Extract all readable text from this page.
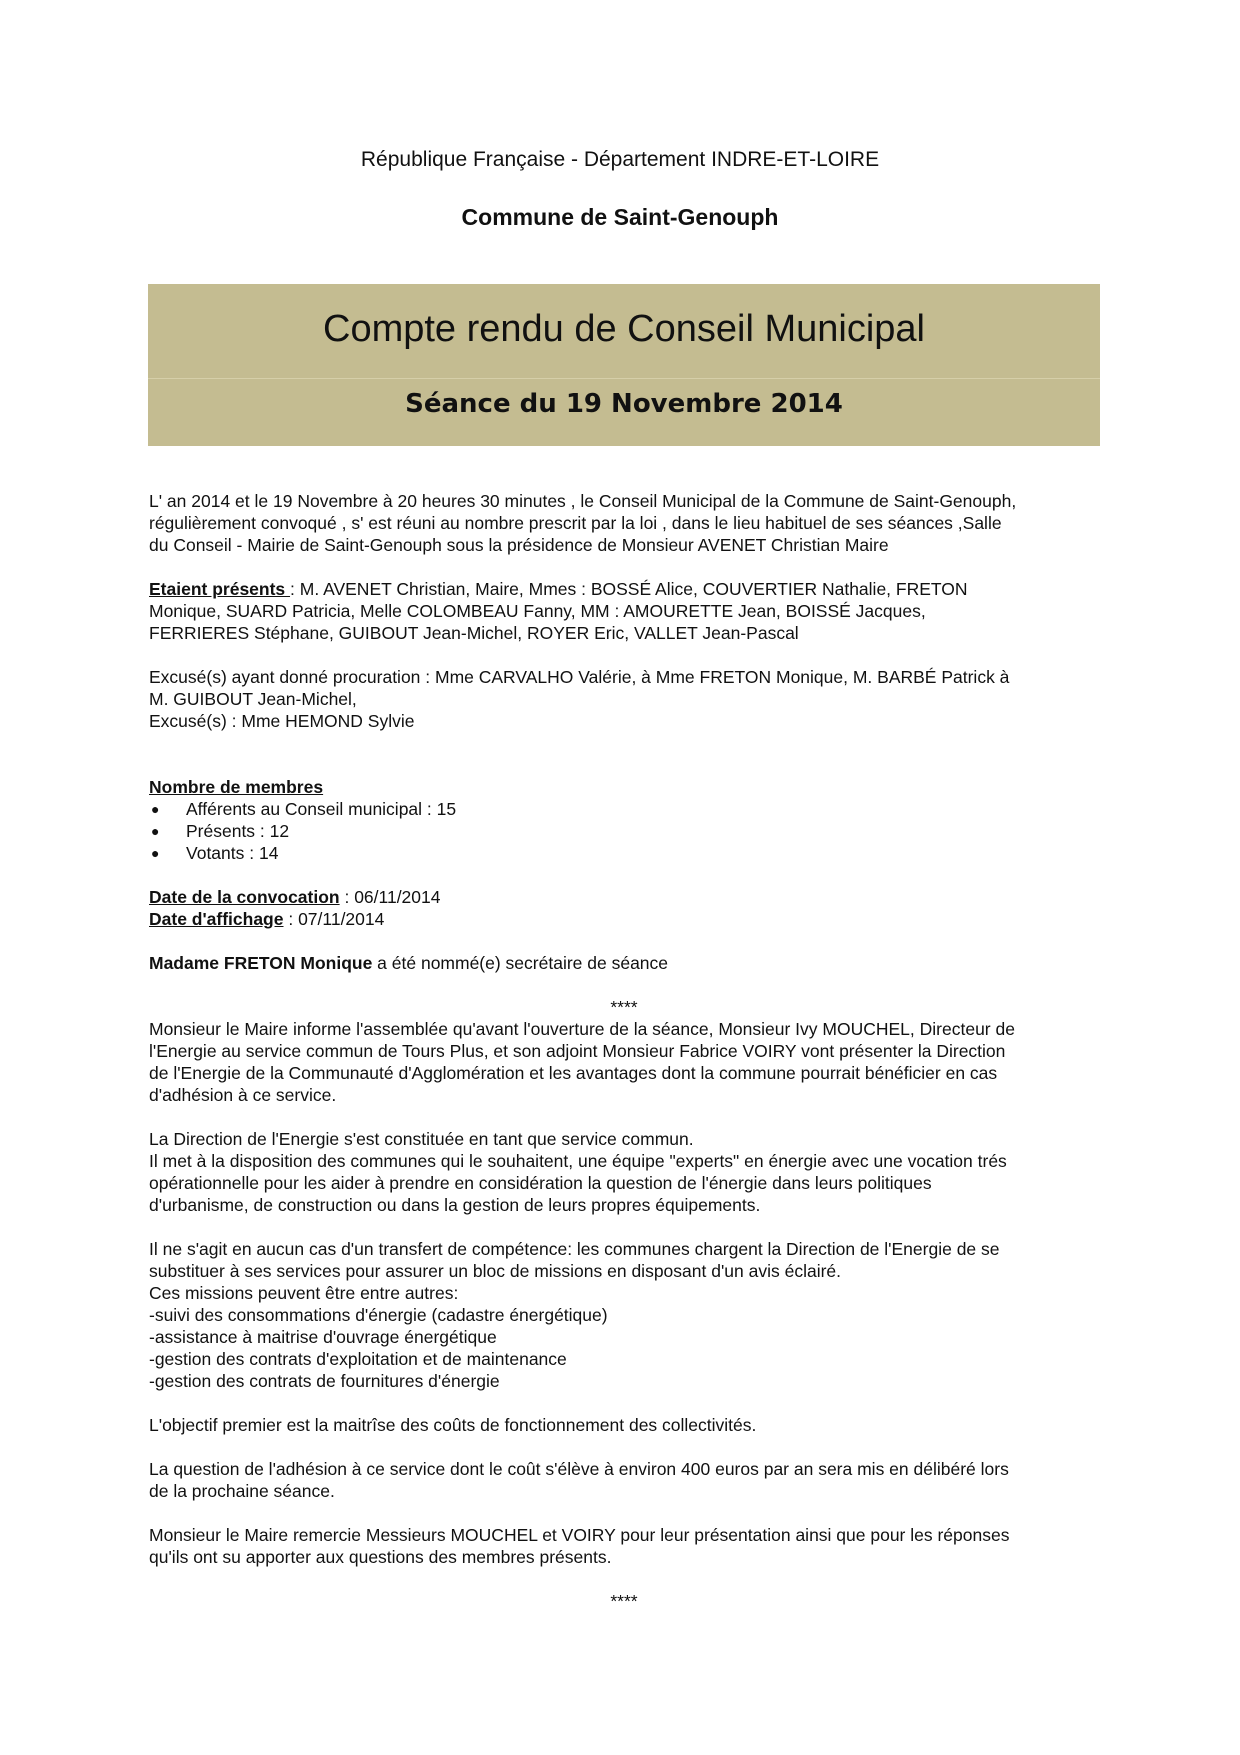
République Française - Département INDRE-ET-LOIRE
Commune de Saint-Genouph
Compte rendu de Conseil Municipal
Séance du 19 Novembre 2014

L' an 2014 et le 19 Novembre à 20 heures 30 minutes , le Conseil Municipal de la Commune de Saint-Genouph,

régulièrement convoqué , s' est réuni au nombre prescrit par la loi , dans le lieu habituel de ses séances ,Salle

du Conseil - Mairie de Saint-Genouph sous la présidence de Monsieur AVENET Christian Maire

Etaient présents : M. AVENET Christian, Maire, Mmes : BOSSÉ Alice, COUVERTIER Nathalie, FRETON

Monique, SUARD Patricia, Melle COLOMBEAU Fanny, MM : AMOURETTE Jean, BOISSÉ Jacques,

FERRIERES Stéphane, GUIBOUT Jean-Michel, ROYER Eric, VALLET Jean-Pascal

Excusé(s) ayant donné procuration : Mme CARVALHO Valérie, à Mme FRETON Monique, M. BARBÉ Patrick à

M. GUIBOUT Jean-Michel,

Excusé(s) : Mme HEMOND Sylvie

Nombre de membres

● Afférents au Conseil municipal : 15
● Présents : 12
● Votants : 14

Date de la convocation : 06/11/2014

Date d'affichage : 07/11/2014

Madame FRETON Monique a été nommé(e) secrétaire de séance

****

Monsieur le Maire informe l'assemblée qu'avant l'ouverture de la séance, Monsieur Ivy MOUCHEL, Directeur de

l'Energie au service commun de Tours Plus, et son adjoint Monsieur Fabrice VOIRY vont présenter la Direction

de l'Energie de la Communauté d'Agglomération et les avantages dont la commune pourrait bénéficier en cas

d'adhésion à ce service.

La Direction de l'Energie s'est constituée en tant que service commun.

Il met à la disposition des communes qui le souhaitent, une équipe "experts" en énergie avec une vocation trés

opérationnelle pour les aider à prendre en considération la question de l'énergie dans leurs politiques

d'urbanisme, de construction ou dans la gestion de leurs propres équipements.

Il ne s'agit en aucun cas d'un transfert de compétence: les communes chargent la Direction de l'Energie de se

substituer à ses services pour assurer un bloc de missions en disposant d'un avis éclairé.

Ces missions peuvent être entre autres:

-suivi des consommations d'énergie (cadastre énergétique)

-assistance à maitrise d'ouvrage énergétique

-gestion des contrats d'exploitation et de maintenance

-gestion des contrats de fournitures d'énergie

L'objectif premier est la maitrîse des coûts de fonctionnement des collectivités.

La question de l'adhésion à ce service dont le coût s'élève à environ 400 euros par an sera mis en délibéré lors

de la prochaine séance.

Monsieur le Maire remercie Messieurs MOUCHEL et VOIRY pour leur présentation ainsi que pour les réponses

qu'ils ont su apporter aux questions des membres présents.

****
